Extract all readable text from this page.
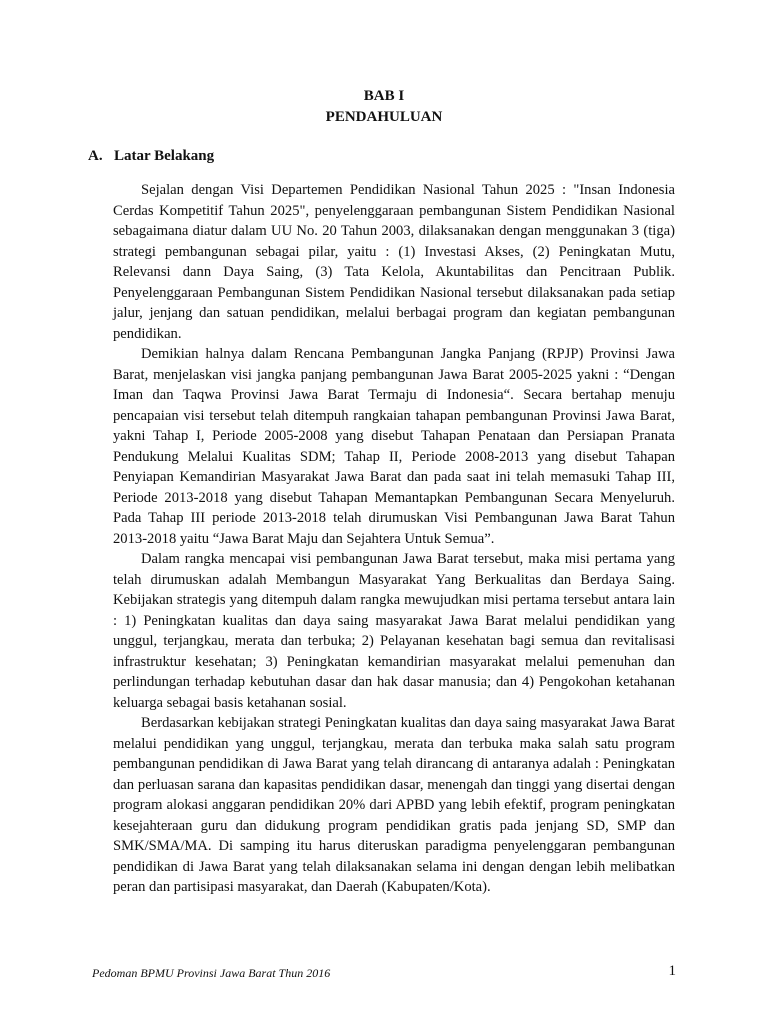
BAB I
PENDAHULUAN
A. Latar Belakang

Sejalan dengan Visi Departemen Pendidikan Nasional Tahun 2025 : "Insan Indonesia Cerdas Kompetitif Tahun 2025", penyelenggaraan pembangunan Sistem Pendidikan Nasional sebagaimana diatur dalam UU No. 20 Tahun 2003, dilaksanakan dengan menggunakan 3 (tiga) strategi pembangunan sebagai pilar, yaitu : (1) Investasi Akses, (2) Peningkatan Mutu, Relevansi dann Daya Saing, (3) Tata Kelola, Akuntabilitas dan Pencitraan Publik. Penyelenggaraan Pembangunan Sistem Pendidikan Nasional tersebut dilaksanakan pada setiap jalur, jenjang dan satuan pendidikan, melalui berbagai program dan kegiatan pembangunan pendidikan.

Demikian halnya dalam Rencana Pembangunan Jangka Panjang (RPJP) Provinsi Jawa Barat, menjelaskan visi jangka panjang pembangunan Jawa Barat 2005-2025 yakni : “Dengan Iman dan Taqwa Provinsi Jawa Barat Termaju di Indonesia“. Secara bertahap menuju pencapaian visi tersebut telah ditempuh rangkaian tahapan pembangunan Provinsi Jawa Barat, yakni Tahap I, Periode 2005-2008 yang disebut Tahapan Penataan dan Persiapan Pranata Pendukung Melalui Kualitas SDM; Tahap II, Periode 2008-2013 yang disebut Tahapan Penyiapan Kemandirian Masyarakat Jawa Barat dan pada saat ini telah memasuki Tahap III, Periode 2013-2018 yang disebut Tahapan Memantapkan Pembangunan Secara Menyeluruh. Pada Tahap III periode 2013-2018 telah dirumuskan Visi Pembangunan Jawa Barat Tahun 2013-2018 yaitu “Jawa Barat Maju dan Sejahtera Untuk Semua”.

Dalam rangka mencapai visi pembangunan Jawa Barat tersebut, maka misi pertama yang telah dirumuskan adalah Membangun Masyarakat Yang Berkualitas dan Berdaya Saing. Kebijakan strategis yang ditempuh dalam rangka mewujudkan misi pertama tersebut antara lain : 1) Peningkatan kualitas dan daya saing masyarakat Jawa Barat melalui pendidikan yang unggul, terjangkau, merata dan terbuka; 2) Pelayanan kesehatan bagi semua dan revitalisasi infrastruktur kesehatan; 3) Peningkatan kemandirian masyarakat melalui pemenuhan dan perlindungan terhadap kebutuhan dasar dan hak dasar manusia; dan 4) Pengokohan ketahanan keluarga sebagai basis ketahanan sosial.

Berdasarkan kebijakan strategi Peningkatan kualitas dan daya saing masyarakat Jawa Barat melalui pendidikan yang unggul, terjangkau, merata dan terbuka maka salah satu program pembangunan pendidikan di Jawa Barat yang telah dirancang di antaranya adalah : Peningkatan dan perluasan sarana dan kapasitas pendidikan dasar, menengah dan tinggi yang disertai dengan program alokasi anggaran pendidikan 20% dari APBD yang lebih efektif, program peningkatan kesejahteraan guru dan didukung program pendidikan gratis pada jenjang SD, SMP dan SMK/SMA/MA. Di samping itu harus diteruskan paradigma penyelenggaran pembangunan pendidikan di Jawa Barat yang telah dilaksanakan selama ini dengan dengan lebih melibatkan peran dan partisipasi masyarakat, dan Daerah (Kabupaten/Kota).

Pedoman BPMU Provinsi Jawa Barat Thun 2016	1
